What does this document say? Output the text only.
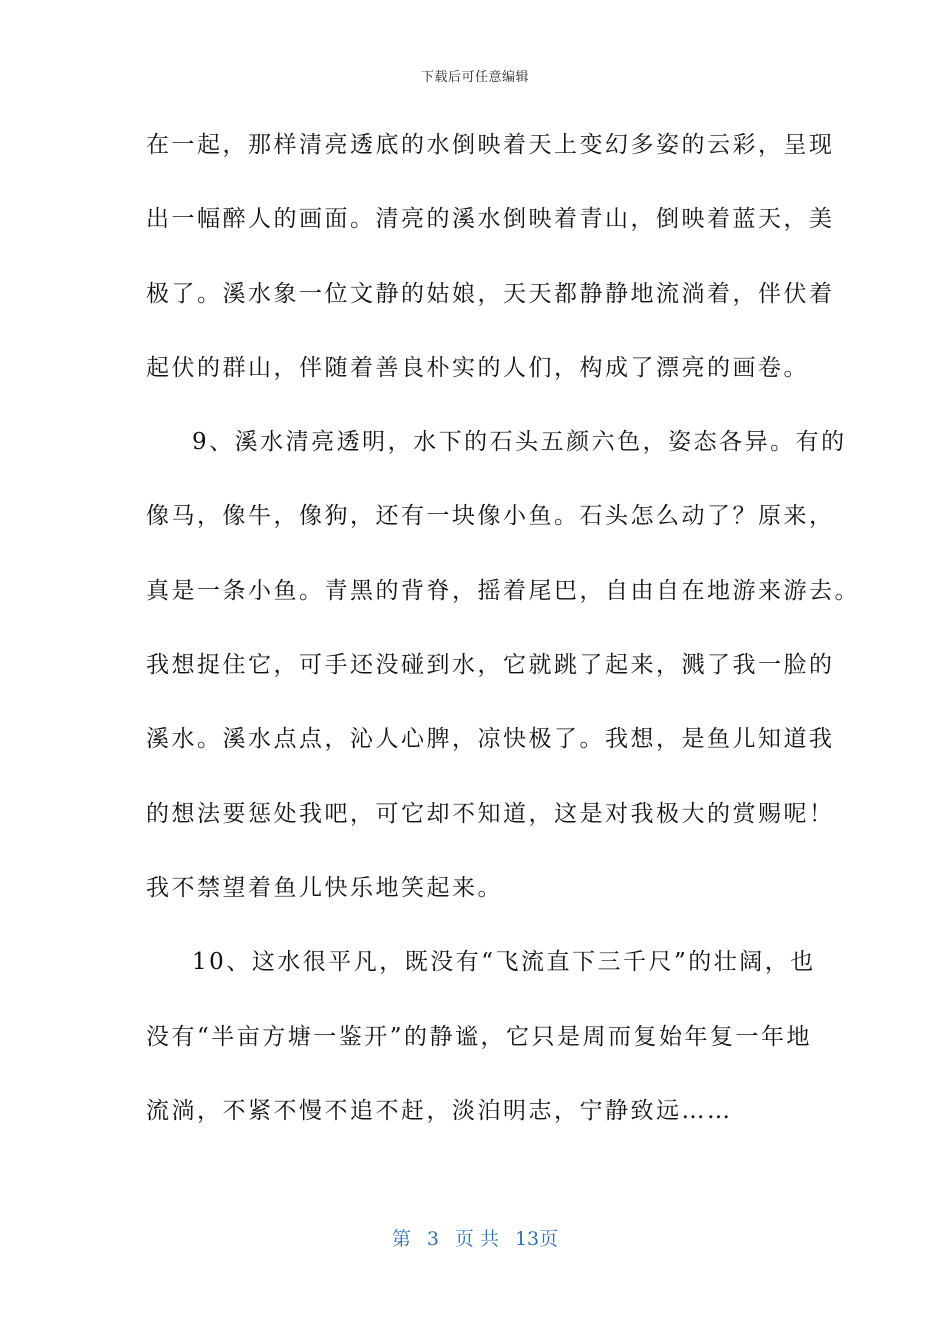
下载后可任意编辑
在一起，那样清亮透底的水倒映着天上变幻多姿的云彩，呈现
出一幅醉人的画面。清亮的溪水倒映着青山，倒映着蓝天，美
极了。溪水象一位文静的姑娘，天天都静静地流淌着，伴伏着
起伏的群山，伴随着善良朴实的人们，构成了漂亮的画卷。
9、溪水清亮透明，水下的石头五颜六色，姿态各异。有的
像马，像牛，像狗，还有一块像小鱼。石头怎么动了？原来，
真是一条小鱼。青黑的背脊，摇着尾巴，自由自在地游来游去。
我想捉住它，可手还没碰到水，它就跳了起来，溅了我一脸的
溪水。溪水点点，沁人心脾，凉快极了。我想，是鱼儿知道我
的想法要惩处我吧，可它却不知道，这是对我极大的赏赐呢！
我不禁望着鱼儿快乐地笑起来。
10、这水很平凡，既没有“飞流直下三千尺”的壮阔，也
没有“半亩方塘一鉴开”的静谧，它只是周而复始年复一年地
流淌，不紧不慢不追不赶，淡泊明志，宁静致远……
第 3 页 共 13页
